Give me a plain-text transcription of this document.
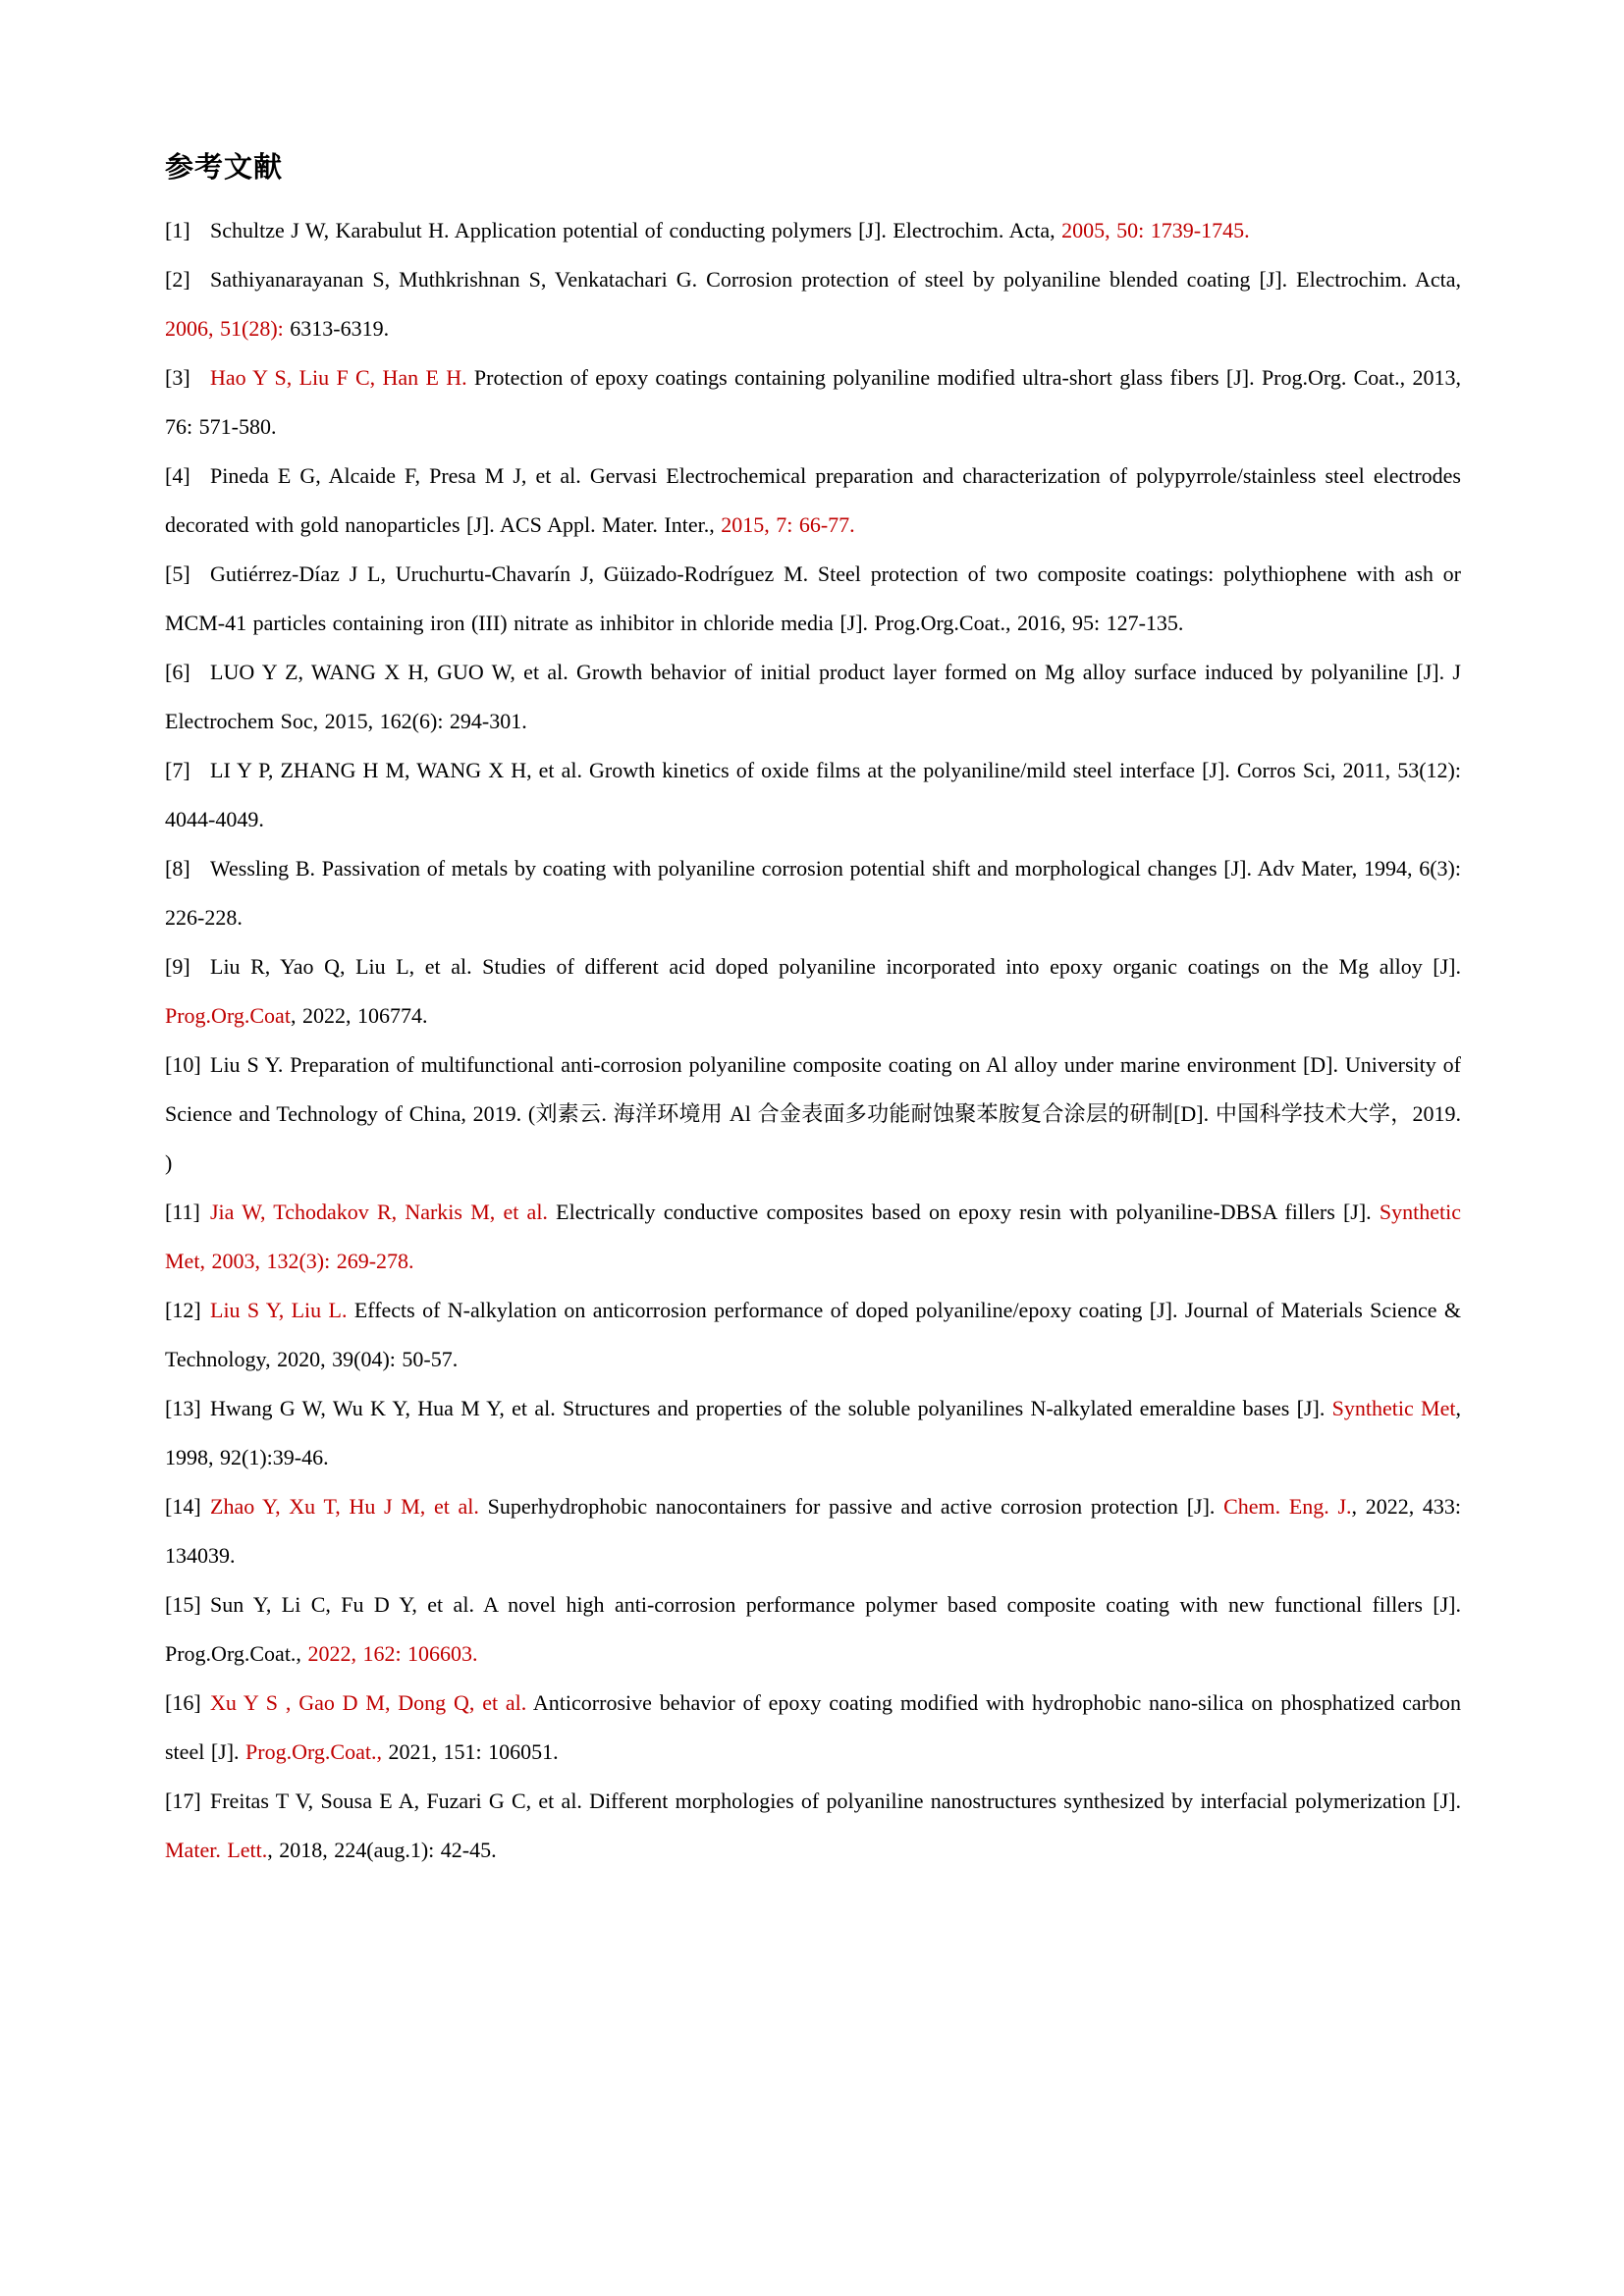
参考文献

[1] Schultze J W, Karabulut H. Application potential of conducting polymers [J]. Electrochim. Acta, 2005, 50: 1739-1745.

[2] Sathiyanarayanan S, Muthkrishnan S, Venkatachari G. Corrosion protection of steel by polyaniline blended coating [J]. Electrochim. Acta, 2006, 51(28): 6313-6319.

[3] Hao Y S, Liu F C, Han E H. Protection of epoxy coatings containing polyaniline modified ultra-short glass fibers [J]. Prog.Org. Coat., 2013, 76: 571-580.

[4] Pineda E G, Alcaide F, Presa M J, et al. Gervasi Electrochemical preparation and characterization of polypyrrole/stainless steel electrodes decorated with gold nanoparticles [J]. ACS Appl. Mater. Inter., 2015, 7: 66-77.

[5] Gutiérrez-Díaz J L, Uruchurtu-Chavarín J, Güizado-Rodríguez M. Steel protection of two composite coatings: polythiophene with ash or MCM-41 particles containing iron (III) nitrate as inhibitor in chloride media [J]. Prog.Org.Coat., 2016, 95: 127-135.

[6] LUO Y Z, WANG X H, GUO W, et al. Growth behavior of initial product layer formed on Mg alloy surface induced by polyaniline [J]. J Electrochem Soc, 2015, 162(6): 294-301.

[7] LI Y P, ZHANG H M, WANG X H, et al. Growth kinetics of oxide films at the polyaniline/mild steel interface [J]. Corros Sci, 2011, 53(12): 4044-4049.

[8] Wessling B. Passivation of metals by coating with polyaniline corrosion potential shift and morphological changes [J]. Adv Mater, 1994, 6(3): 226-228.

[9] Liu R, Yao Q, Liu L, et al. Studies of different acid doped polyaniline incorporated into epoxy organic coatings on the Mg alloy [J]. Prog.Org.Coat, 2022, 106774.

[10] Liu S Y. Preparation of multifunctional anti-corrosion polyaniline composite coating on Al alloy under marine environment [D]. University of Science and Technology of China, 2019. (刘素云. 海洋环境用 Al 合金表面多功能耐蚀聚苯胺复合涂层的研制[D]. 中国科学技术大学，2019. )

[11] Jia W, Tchodakov R, Narkis M, et al. Electrically conductive composites based on epoxy resin with polyaniline-DBSA fillers [J]. Synthetic Met, 2003, 132(3): 269-278.

[12] Liu S Y, Liu L. Effects of N-alkylation on anticorrosion performance of doped polyaniline/epoxy coating [J]. Journal of Materials Science & Technology, 2020, 39(04): 50-57.

[13] Hwang G W, Wu K Y, Hua M Y, et al. Structures and properties of the soluble polyanilines N-alkylated emeraldine bases [J]. Synthetic Met, 1998, 92(1):39-46.

[14] Zhao Y, Xu T, Hu J M, et al. Superhydrophobic nanocontainers for passive and active corrosion protection [J]. Chem. Eng. J., 2022, 433: 134039.

[15] Sun Y, Li C, Fu D Y, et al. A novel high anti-corrosion performance polymer based composite coating with new functional fillers [J]. Prog.Org.Coat., 2022, 162: 106603.

[16] Xu Y S , Gao D M, Dong Q, et al. Anticorrosive behavior of epoxy coating modified with hydrophobic nano-silica on phosphatized carbon steel [J]. Prog.Org.Coat., 2021, 151: 106051.

[17] Freitas T V, Sousa E A, Fuzari G C, et al. Different morphologies of polyaniline nanostructures synthesized by interfacial polymerization [J]. Mater. Lett., 2018, 224(aug.1): 42-45.
